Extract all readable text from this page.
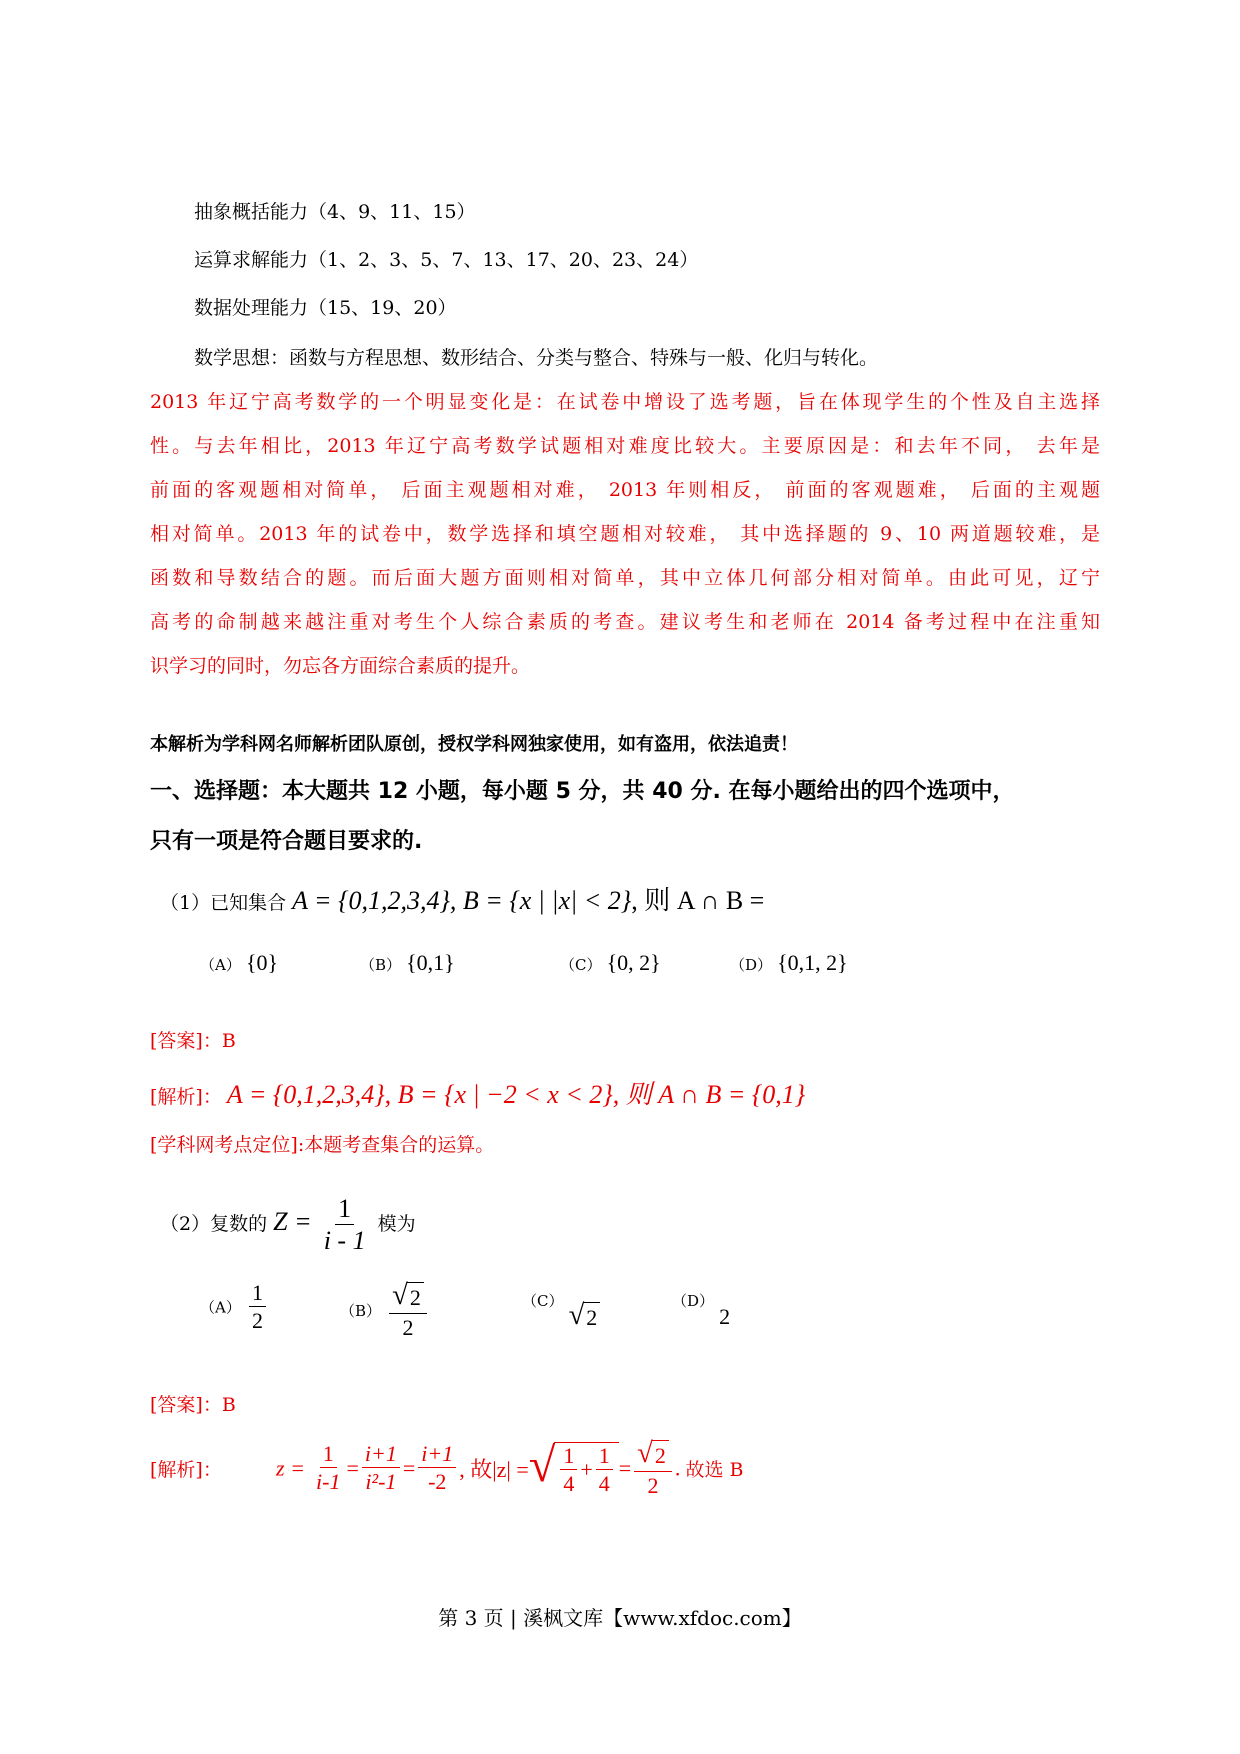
抽象概括能力（4、9、11、15）
运算求解能力（1、2、3、5、7、13、17、20、23、24）
数据处理能力（15、19、20）
数学思想：函数与方程思想、数形结合、分类与整合、特殊与一般、化归与转化。
2013 年辽宁高考数学的一个明显变化是：在试卷中增设了选考题，旨在体现学生的个性及自主选择
性。与去年相比，2013 年辽宁高考数学试题相对难度比较大。主要原因是：和去年不同， 去年是
前面的客观题相对简单， 后面主观题相对难， 2013 年则相反， 前面的客观题难， 后面的主观题
相对简单。2013 年的试卷中，数学选择和填空题相对较难， 其中选择题的 9、10 两道题较难，是
函数和导数结合的题。而后面大题方面则相对简单，其中立体几何部分相对简单。由此可见，辽宁
高考的命制越来越注重对考生个人综合素质的考查。建议考生和老师在 2014 备考过程中在注重知
识学习的同时，勿忘各方面综合素质的提升。
本解析为学科网名师解析团队原创，授权学科网独家使用，如有盗用，依法追责！
一、选择题：本大题共 12 小题，每小题 5 分，共 40 分. 在每小题给出的四个选项中，
只有一项是符合题目要求的.
（1）已知集合 A = {0,1,2,3,4}, B = {x | |x| < 2}, 则 A ∩ B =
（A） {0}	（B） {0,1}	（C） {0, 2}	（D） {0,1, 2}
[答案]：B
[解析]： A = {0,1,2,3,4}, B = {x | −2 < x < 2}, 则 A ∩ B = {0,1}
[学科网考点定位]:本题考查集合的运算。
（2）复数的 $Z = \frac{1}{i - 1}$ 模为
$(A) \frac{1}{2}$	$(B) \frac{√ 2}{2}$	（C） √ 2
（D） 2
[答案]：B
[解析]： $z = \frac{1}{i-1} = \frac{i+1}{\text{i²-1}} = \frac{i+1}{-2}$ , 故|z| = √ $\frac{1}{4} + \frac{1}{4} = \frac{√ 2}{2}$ . 故选 B
第 3 页 | 溪枫文库【www.xfdoc.com】
